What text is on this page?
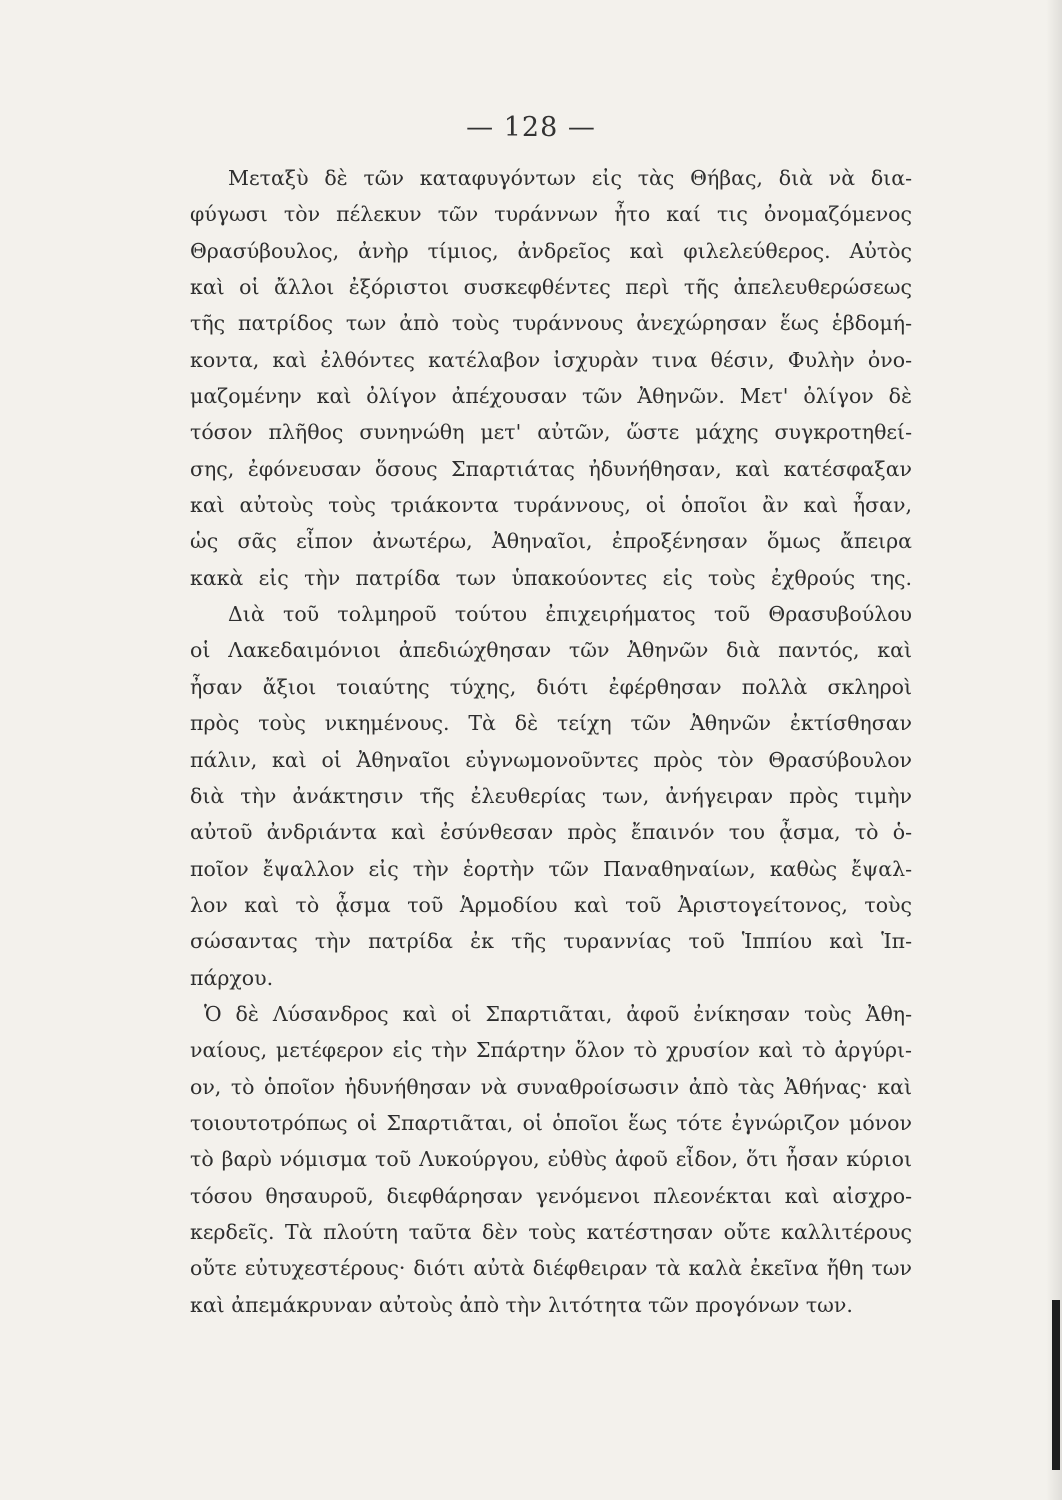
— 128 —
Μεταξὺ δὲ τῶν καταφυγόντων εἰς τὰς Θήβας, διὰ νὰ δια-
φύγωσι τὸν πέλεκυν τῶν τυράννων ἦτο καί τις ὀνομαζόμενος
Θρασύβουλος, ἀνὴρ τίμιος, ἀνδρεῖος καὶ φιλελεύθερος. Αὐτὸς
καὶ οἱ ἄλλοι ἐξόριστοι συσκεφθέντες περὶ τῆς ἀπελευθερώσεως
τῆς πατρίδος των ἀπὸ τοὺς τυράννους ἀνεχώρησαν ἕως ἑβδομή-
κοντα, καὶ ἐλθόντες κατέλαβον ἰσχυρὰν τινα θέσιν, Φυλὴν ὀνο-
μαζομένην καὶ ὀλίγον ἀπέχουσαν τῶν Ἀθηνῶν. Μετ' ὀλίγον δὲ
τόσον πλῆθος συνηνώθη μετ' αὐτῶν, ὥστε μάχης συγκροτηθεί-
σης, ἐφόνευσαν ὅσους Σπαρτιάτας ἠδυνήθησαν, καὶ κατέσφαξαν
καὶ αὐτοὺς τοὺς τριάκοντα τυράννους, οἱ ὁποῖοι ἂν καὶ ἦσαν,
ὡς σᾶς εἶπον ἀνωτέρω, Ἀθηναῖοι, ἐπροξένησαν ὅμως ἄπειρα
κακὰ εἰς τὴν πατρίδα των ὑπακούοντες εἰς τοὺς ἐχθρούς της.
Διὰ τοῦ τολμηροῦ τούτου ἐπιχειρήματος τοῦ Θρασυβούλου
οἱ Λακεδαιμόνιοι ἀπεδιώχθησαν τῶν Ἀθηνῶν διὰ παντός, καὶ
ἦσαν ἄξιοι τοιαύτης τύχης, διότι ἐφέρθησαν πολλὰ σκληροὶ
πρὸς τοὺς νικημένους. Τὰ δὲ τείχη τῶν Ἀθηνῶν ἐκτίσθησαν
πάλιν, καὶ οἱ Ἀθηναῖοι εὐγνωμονοῦντες πρὸς τὸν Θρασύβουλον
διὰ τὴν ἀνάκτησιν τῆς ἐλευθερίας των, ἀνήγειραν πρὸς τιμὴν
αὐτοῦ ἀνδριάντα καὶ ἐσύνθεσαν πρὸς ἔπαινόν του ᾆσμα, τὸ ὁ-
ποῖον ἔψαλλον εἰς τὴν ἑορτὴν τῶν Παναθηναίων, καθὼς ἔψαλ-
λον καὶ τὸ ᾆσμα τοῦ Ἁρμοδίου καὶ τοῦ Ἀριστογείτονος, τοὺς
σώσαντας τὴν πατρίδα ἐκ τῆς τυραννίας τοῦ Ἱππίου καὶ Ἱπ-
πάρχου.
Ὁ δὲ Λύσανδρος καὶ οἱ Σπαρτιᾶται, ἀφοῦ ἐνίκησαν τοὺς Ἀθη-
ναίους, μετέφερον εἰς τὴν Σπάρτην ὅλον τὸ χρυσίον καὶ τὸ ἀργύρι-
ον, τὸ ὁποῖον ἠδυνήθησαν νὰ συναθροίσωσιν ἀπὸ τὰς Ἀθήνας· καὶ
τοιουτοτρόπως οἱ Σπαρτιᾶται, οἱ ὁποῖοι ἕως τότε ἐγνώριζον μόνον
τὸ βαρὺ νόμισμα τοῦ Λυκούργου, εὐθὺς ἀφοῦ εἶδον, ὅτι ἦσαν κύριοι
τόσου θησαυροῦ, διεφθάρησαν γενόμενοι πλεονέκται καὶ αἰσχρο-
κερδεῖς. Τὰ πλούτη ταῦτα δὲν τοὺς κατέστησαν οὔτε καλλιτέρους
οὔτε εὐτυχεστέρους· διότι αὐτὰ διέφθειραν τὰ καλὰ ἐκεῖνα ἤθη των
καὶ ἀπεμάκρυναν αὐτοὺς ἀπὸ τὴν λιτότητα τῶν προγόνων των.
